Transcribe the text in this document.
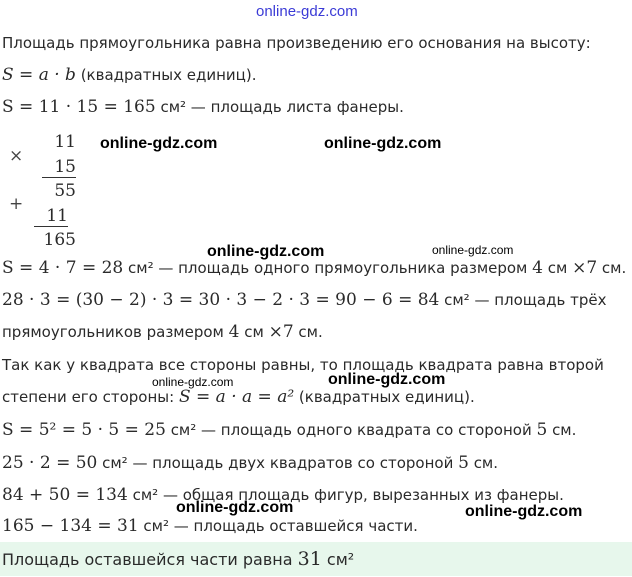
online-gdz.com
Площадь прямоугольника равна произведению его основания на высоту:
S = a · b (квадратных единиц).
S = 11 · 15 = 165 см² — площадь листа фанеры.
×
+
11
15
55
11
165
online-gdz.com	online-gdz.com
online-gdz.com	online-gdz.com
S = 4 · 7 = 28 см² — площадь одного прямоугольника размером 4 см ×7 см.
28 · 3 = (30 − 2) · 3 = 30 · 3 − 2 · 3 = 90 − 6 = 84 см² — площадь трёх
прямоугольников размером 4 см ×7 см.
Так как у квадрата все стороны равны, то площадь квадрата равна второй
online-gdz.com	online-gdz.com
степени его стороны: S = a · a = a² (квадратных единиц).
S = 5² = 5 · 5 = 25 см² — площадь одного квадрата со стороной 5 см.
25 · 2 = 50 см² — площадь двух квадратов со стороной 5 см.
84 + 50 = 134 см² — общая площадь фигур, вырезанных из фанеры.
online-gdz.com	online-gdz.com
165 − 134 = 31 см² — площадь оставшейся части.
Площадь оставшейся части равна 31 см²
